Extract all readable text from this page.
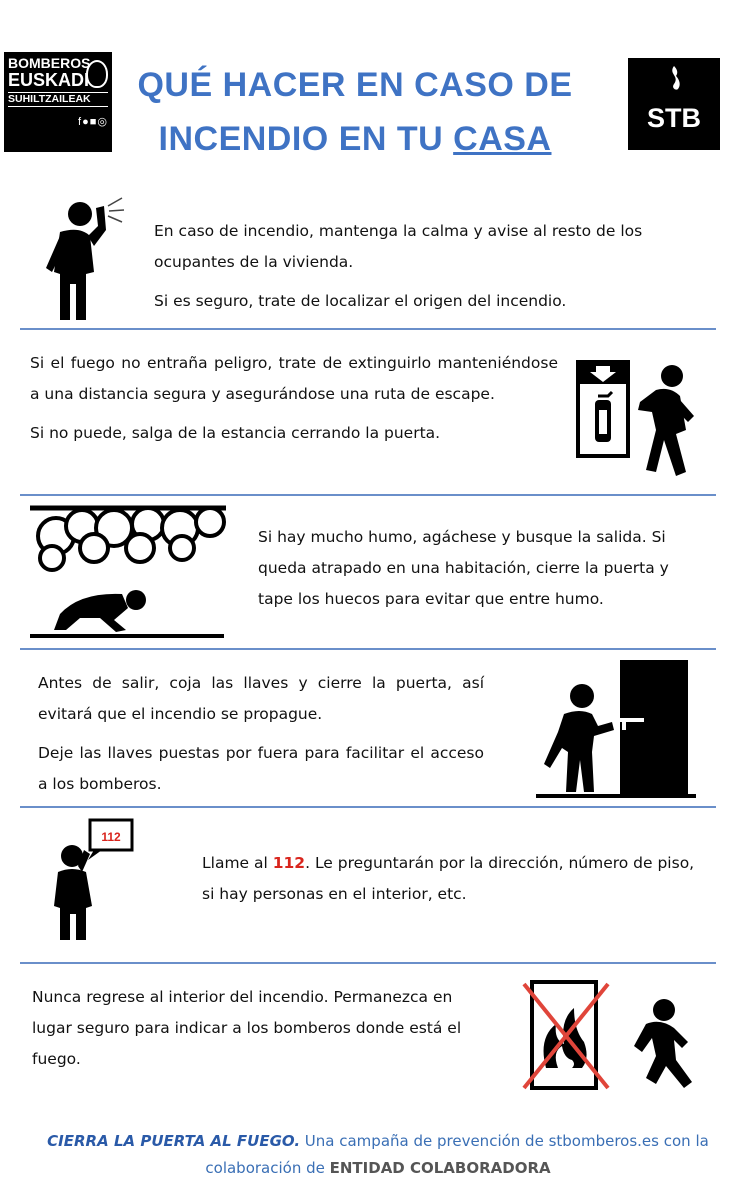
BOMBEROS
EUSKADI
SUHILTZAILEAK
f●■◎
QUÉ HACER EN CASO DE
INCENDIO EN TU CASA
STB

En caso de incendio, mantenga la calma y avise al resto de los ocupantes de la vivienda.

Si es seguro, trate de localizar el origen del incendio.

Si el fuego no entraña peligro, trate de extinguirlo manteniéndose a una distancia segura y asegurándose una ruta de escape.

Si no puede, salga de la estancia cerrando la puerta.

Si hay mucho humo, agáchese y busque la salida. Si queda atrapado en una habitación, cierre la puerta y tape los huecos para evitar que entre humo.

Antes de salir, coja las llaves y cierre la puerta, así evitará que el incendio se propague.

Deje las llaves puestas por fuera para facilitar el acceso a los bomberos.

112

Llame al 112. Le preguntarán por la dirección, número de piso, si hay personas en el interior, etc.

Nunca regrese al interior del incendio. Permanezca en lugar seguro para indicar a los bomberos donde está el fuego.

CIERRA LA PUERTA AL FUEGO. Una campaña de prevención de stbomberos.es con la colaboración de ENTIDAD COLABORADORA
